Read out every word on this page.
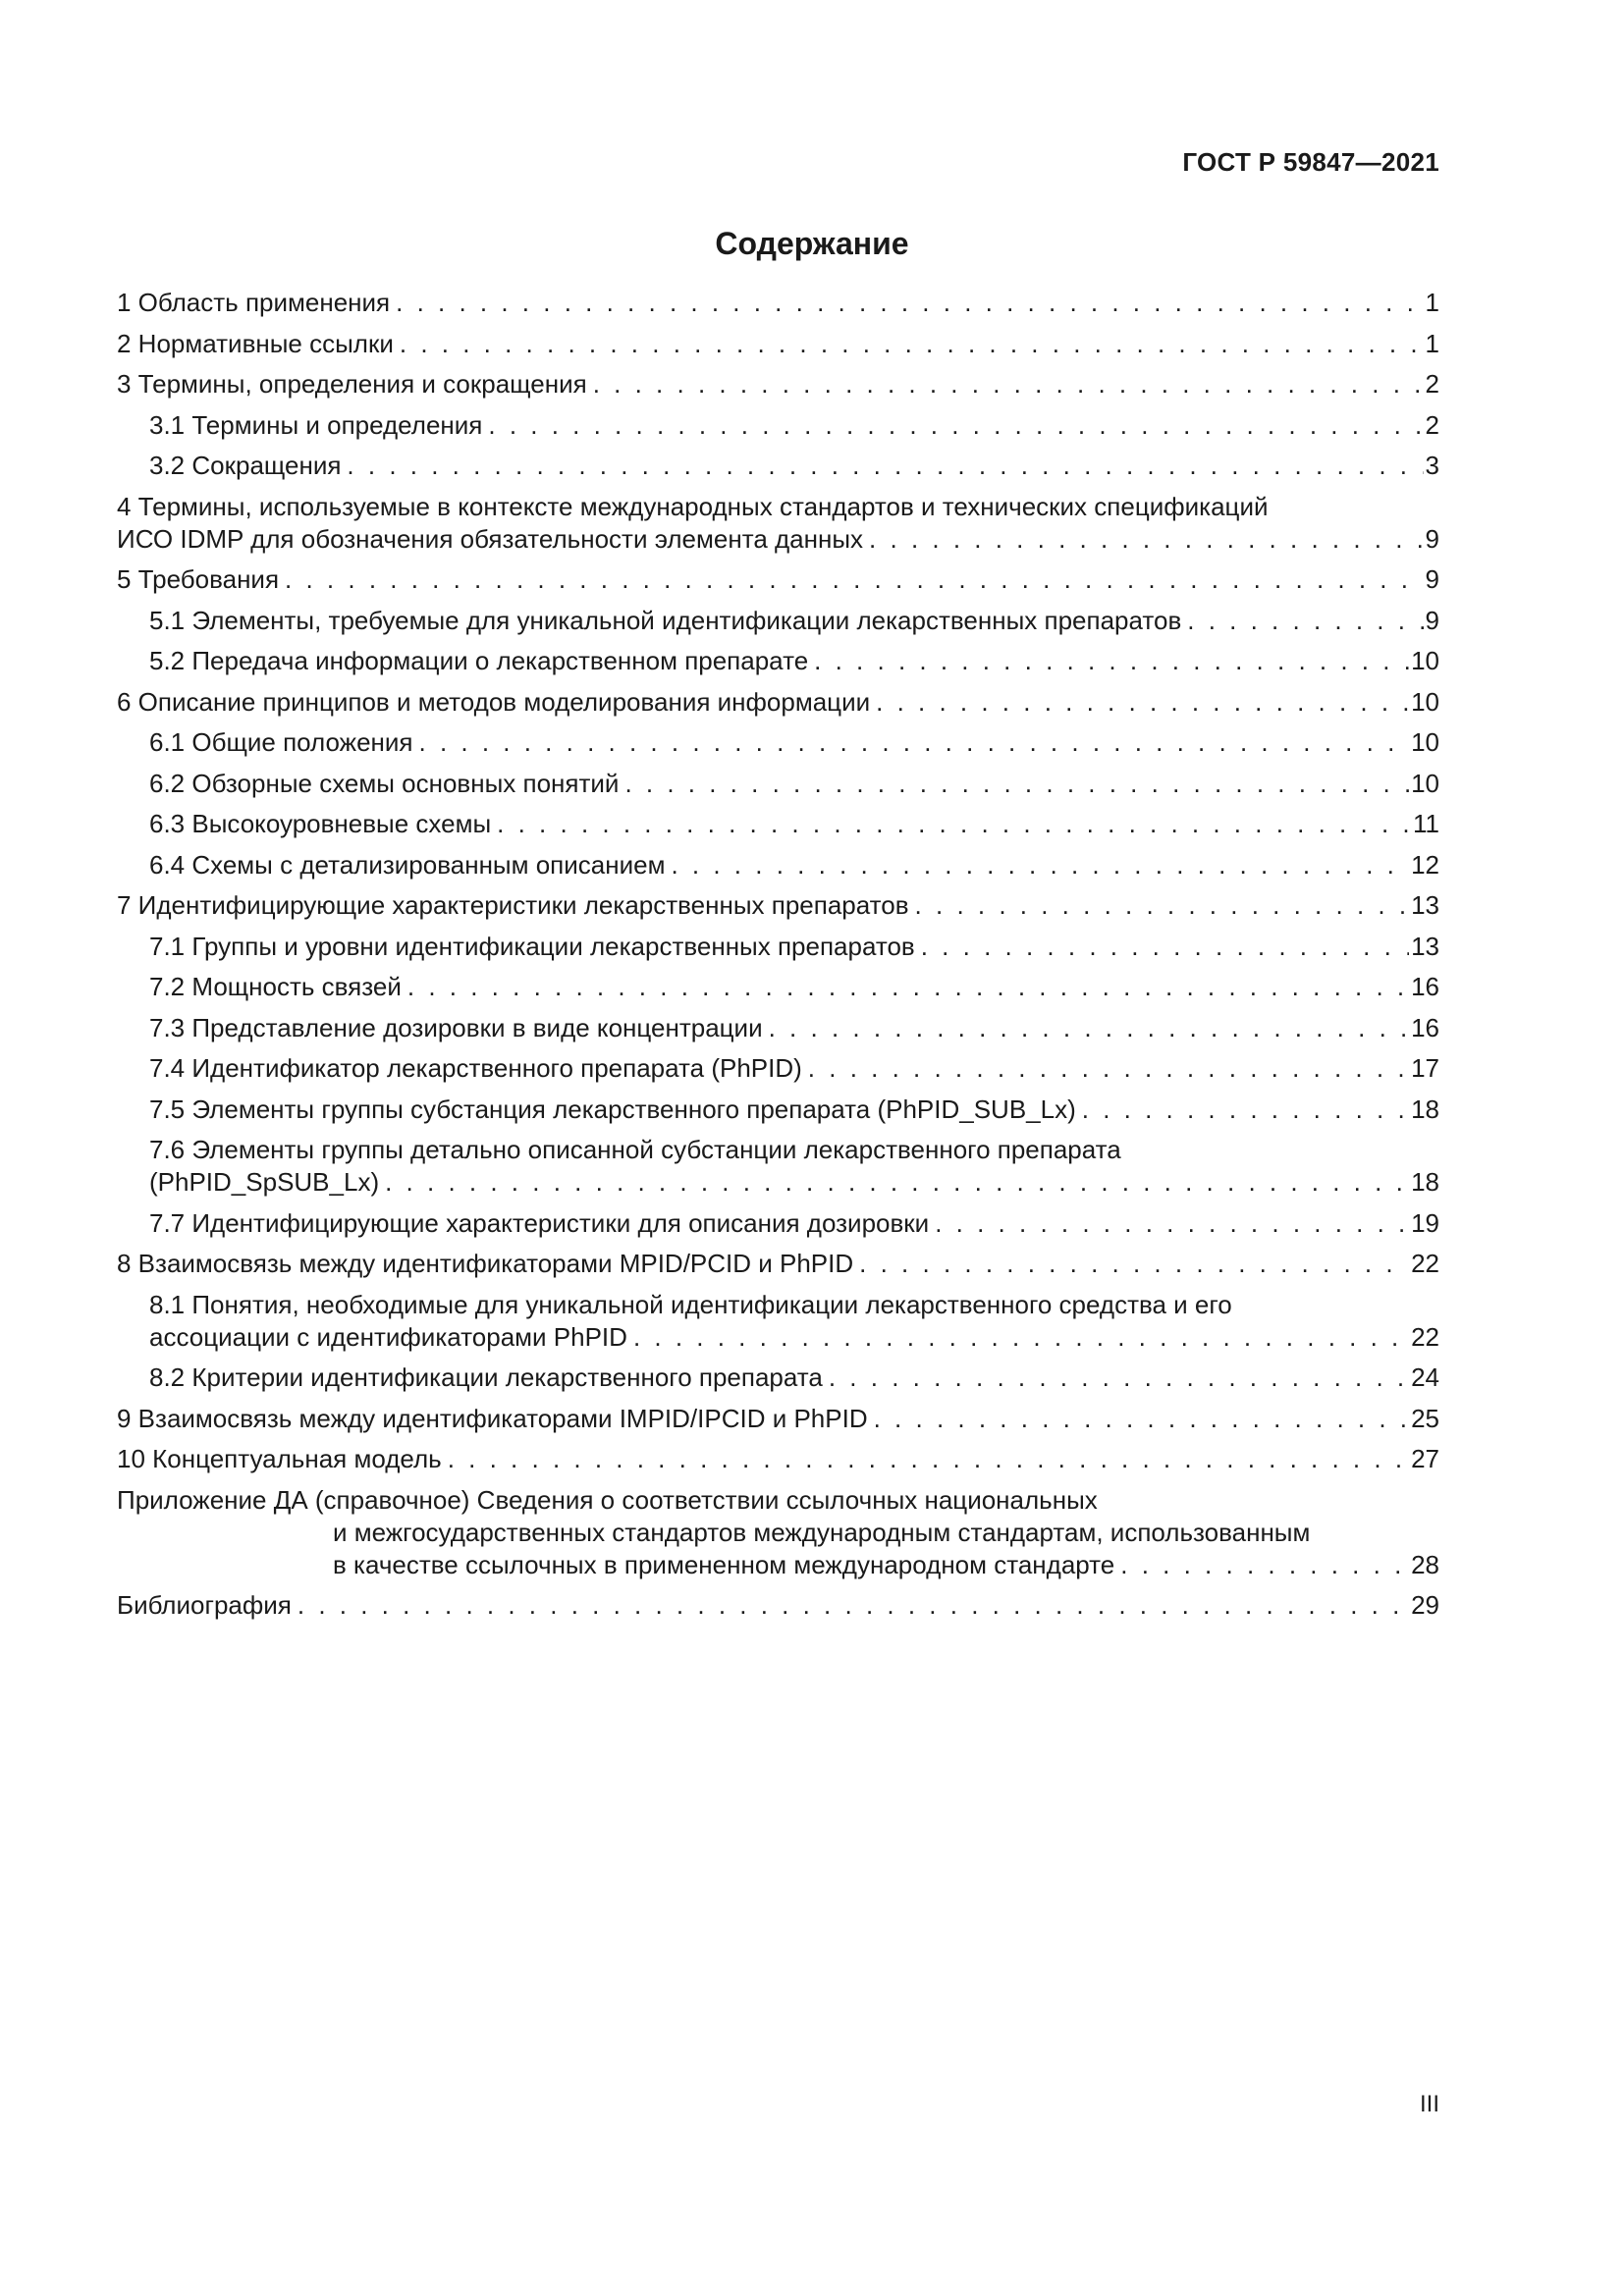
ГОСТ Р 59847—2021
Содержание
1 Область применения . . .	1
2 Нормативные ссылки . . .	1
3 Термины, определения и сокращения . . .	2
3.1 Термины и определения . . .	2
3.2 Сокращения . . .	3
4 Термины, используемые в контексте международных стандартов и технических спецификаций
ИСО IDMP для обозначения обязательности элемента данных . . .	9
5 Требования . . .	9
5.1 Элементы, требуемые для уникальной идентификации лекарственных препаратов . . .	9
5.2 Передача информации о лекарственном препарате . . .	10
6 Описание принципов и методов моделирования информации . . .	10
6.1 Общие положения . . .	10
6.2 Обзорные схемы основных понятий . . .	10
6.3 Высокоуровневые схемы . . .	11
6.4 Схемы с детализированным описанием . . .	12
7 Идентифицирующие характеристики лекарственных препаратов . . .	13
7.1 Группы и уровни идентификации лекарственных препаратов . . .	13
7.2 Мощность связей . . .	16
7.3 Представление дозировки в виде концентрации . . .	16
7.4 Идентификатор лекарственного препарата (PhPID) . . .	17
7.5 Элементы группы субстанция лекарственного препарата (PhPID_SUB_Lx) . . .	18
7.6 Элементы группы детально описанной субстанции лекарственного препарата
(PhPID_SpSUB_Lx) . . .	18
7.7 Идентифицирующие характеристики для описания дозировки . . .	19
8 Взаимосвязь между идентификаторами MPID/PCID и PhPID . . .	22
8.1 Понятия, необходимые для уникальной идентификации лекарственного средства и его
ассоциации с идентификаторами PhPID . . .	22
8.2 Критерии идентификации лекарственного препарата . . .	24
9 Взаимосвязь между идентификаторами IMPID/IPCID и PhPID . . .	25
10 Концептуальная модель . . .	27
Приложение ДА (справочное) Сведения о соответствии ссылочных национальных
и межгосударственных стандартов международным стандартам, использованным
в качестве ссылочных в примененном международном стандарте . . .	28
Библиография . . .	29
III
